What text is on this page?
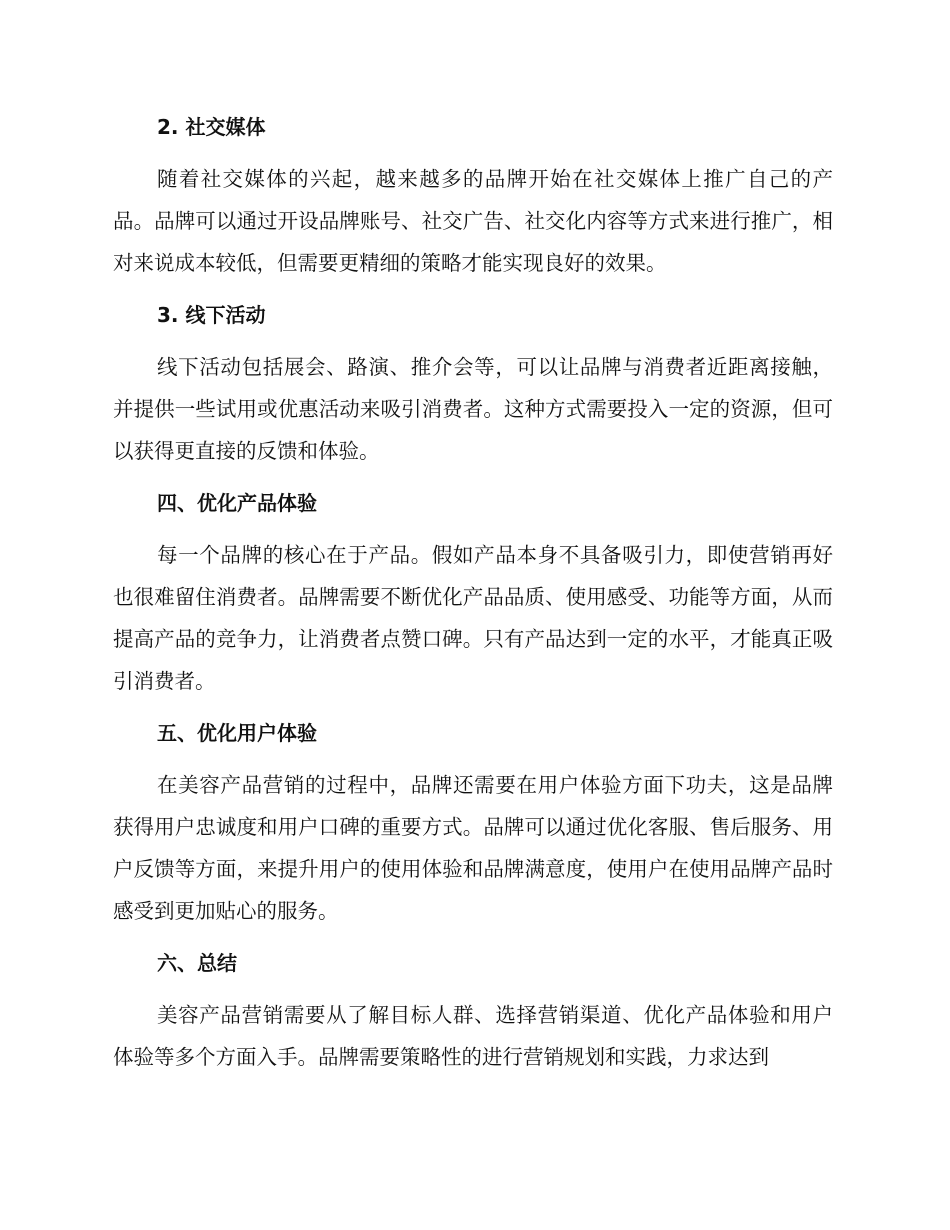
2. 社交媒体

随着社交媒体的兴起，越来越多的品牌开始在社交媒体上推广自己的产品。品牌可以通过开设品牌账号、社交广告、社交化内容等方式来进行推广，相对来说成本较低，但需要更精细的策略才能实现良好的效果。

3. 线下活动

线下活动包括展会、路演、推介会等，可以让品牌与消费者近距离接触，并提供一些试用或优惠活动来吸引消费者。这种方式需要投入一定的资源，但可以获得更直接的反馈和体验。

四、优化产品体验

每一个品牌的核心在于产品。假如产品本身不具备吸引力，即使营销再好也很难留住消费者。品牌需要不断优化产品品质、使用感受、功能等方面，从而提高产品的竞争力，让消费者点赞口碑。只有产品达到一定的水平，才能真正吸引消费者。

五、优化用户体验

在美容产品营销的过程中，品牌还需要在用户体验方面下功夫，这是品牌获得用户忠诚度和用户口碑的重要方式。品牌可以通过优化客服、售后服务、用户反馈等方面，来提升用户的使用体验和品牌满意度，使用户在使用品牌产品时感受到更加贴心的服务。

六、总结

美容产品营销需要从了解目标人群、选择营销渠道、优化产品体验和用户体验等多个方面入手。品牌需要策略性的进行营销规划和实践，力求达到
